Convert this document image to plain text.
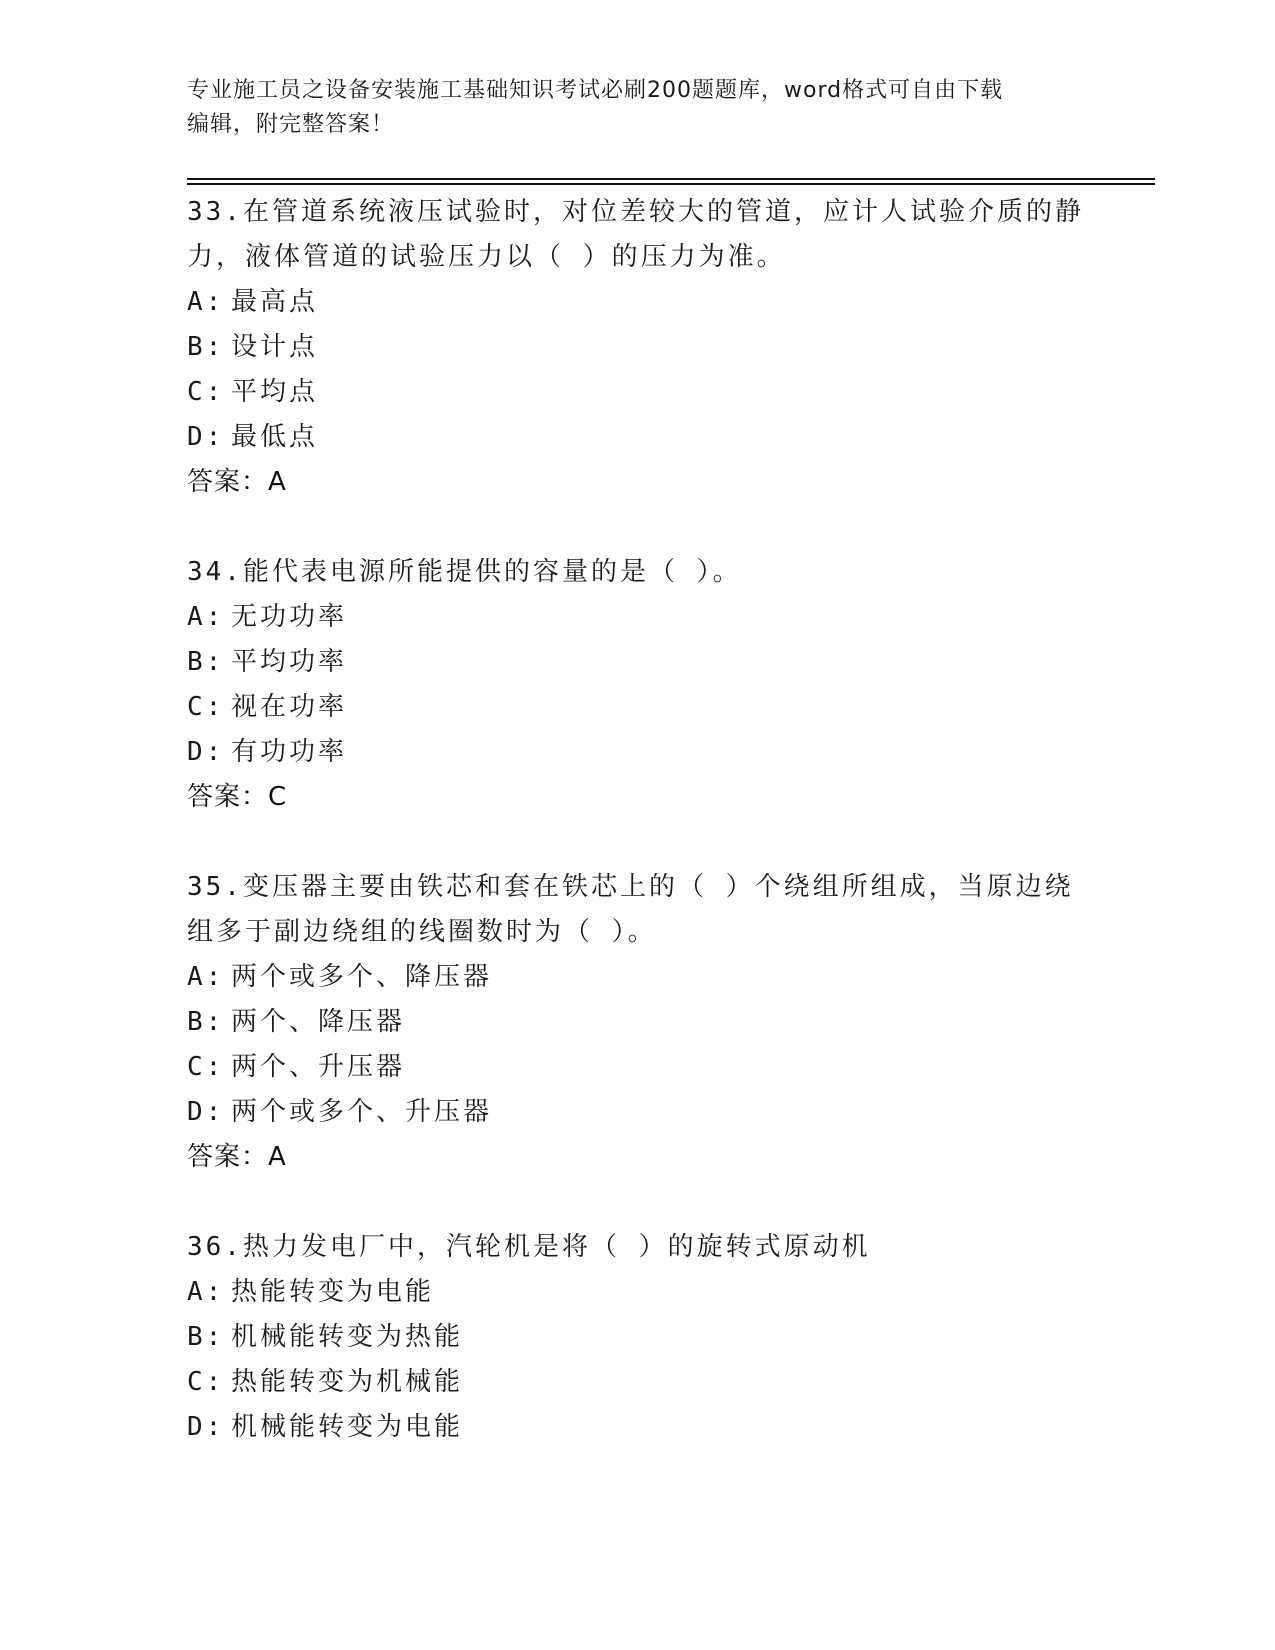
专业施工员之设备安装施工基础知识考试必刷200题题库，word格式可自由下载
编辑，附完整答案！
33.在管道系统液压试验时，对位差较大的管道，应计人试验介质的静
力，液体管道的试验压力以（ ）的压力为准。
A: 最高点
B: 设计点
C: 平均点
D: 最低点
答案：A
34.能代表电源所能提供的容量的是（ ）。
A: 无功功率
B: 平均功率
C: 视在功率
D: 有功功率
答案：C
35.变压器主要由铁芯和套在铁芯上的（ ）个绕组所组成，当原边绕
组多于副边绕组的线圈数时为（ ）。
A: 两个或多个、降压器
B: 两个、降压器
C: 两个、升压器
D: 两个或多个、升压器
答案：A
36.热力发电厂中，汽轮机是将（ ）的旋转式原动机
A: 热能转变为电能
B: 机械能转变为热能
C: 热能转变为机械能
D: 机械能转变为电能
